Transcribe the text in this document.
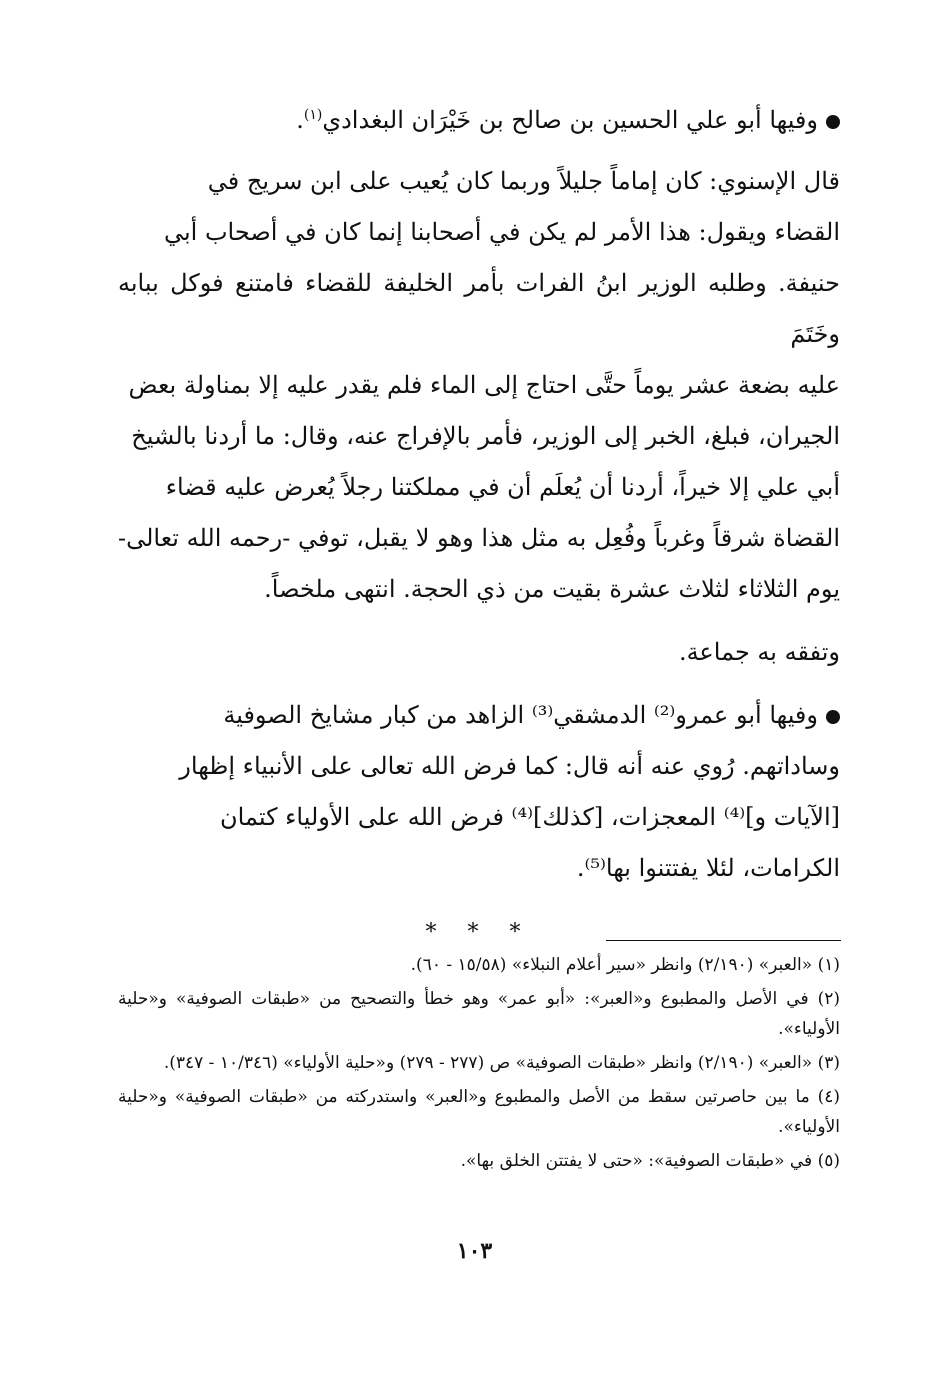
وفيها أبو علي الحسين بن صالح بن خَيْرَان البغدادي$^{(١)}$.

قال الإسنوي: كان إماماً جليلاً وربما كان يُعيب على ابن سريج في
القضاء ويقول: هذا الأمر لم يكن في أصحابنا إنما كان في أصحاب أبي
حنيفة. وطلبه الوزير ابنُ الفرات بأمر الخليفة للقضاء فامتنع فوكل ببابه وخَتَمَ
عليه بضعة عشر يوماً حتَّى احتاج إلى الماء فلم يقدر عليه إلا بمناولة بعض
الجيران، فبلغ، الخبر إلى الوزير، فأمر بالإفراج عنه، وقال: ما أردنا بالشيخ
أبي علي إلا خيراً، أردنا أن يُعلَم أن في مملكتنا رجلاً يُعرض عليه قضاء
القضاة شرقاً وغرباً وفُعِل به مثل هذا وهو لا يقبل، توفي -رحمه الله تعالى-
يوم الثلاثاء لثلاث عشرة بقيت من ذي الحجة. انتهى ملخصاً.

وتفقه به جماعة.

وفيها أبو عمرو⁽²⁾ الدمشقي⁽³⁾ الزاهد من كبار مشايخ الصوفية
وساداتهم. رُوي عنه أنه قال: كما فرض الله تعالى على الأنبياء إظهار
[الآيات و]⁽⁴⁾ المعجزات، [كذلك]⁽⁴⁾ فرض الله على الأولياء كتمان
الكرامات، لئلا يفتتنوا بها⁽⁵⁾.

* * *

(١) «العبر» (٢/١٩٠) وانظر «سير أعلام النبلاء» (١٥/٥٨ - ٦٠).

(٢) في الأصل والمطبوع و«العبر»: «أبو عمر» وهو خطأ والتصحيح من «طبقات الصوفية» و«حلية الأولياء».

(٣) «العبر» (٢/١٩٠) وانظر «طبقات الصوفية» ص (٢٧٧ - ٢٧٩) و«حلية الأولياء» (١٠/٣٤٦ - ٣٤٧).

(٤) ما بين حاصرتين سقط من الأصل والمطبوع و«العبر» واستدركته من «طبقات الصوفية» و«حلية الأولياء».

(٥) في «طبقات الصوفية»: «حتى لا يفتتن الخلق بها».

١٠٣
